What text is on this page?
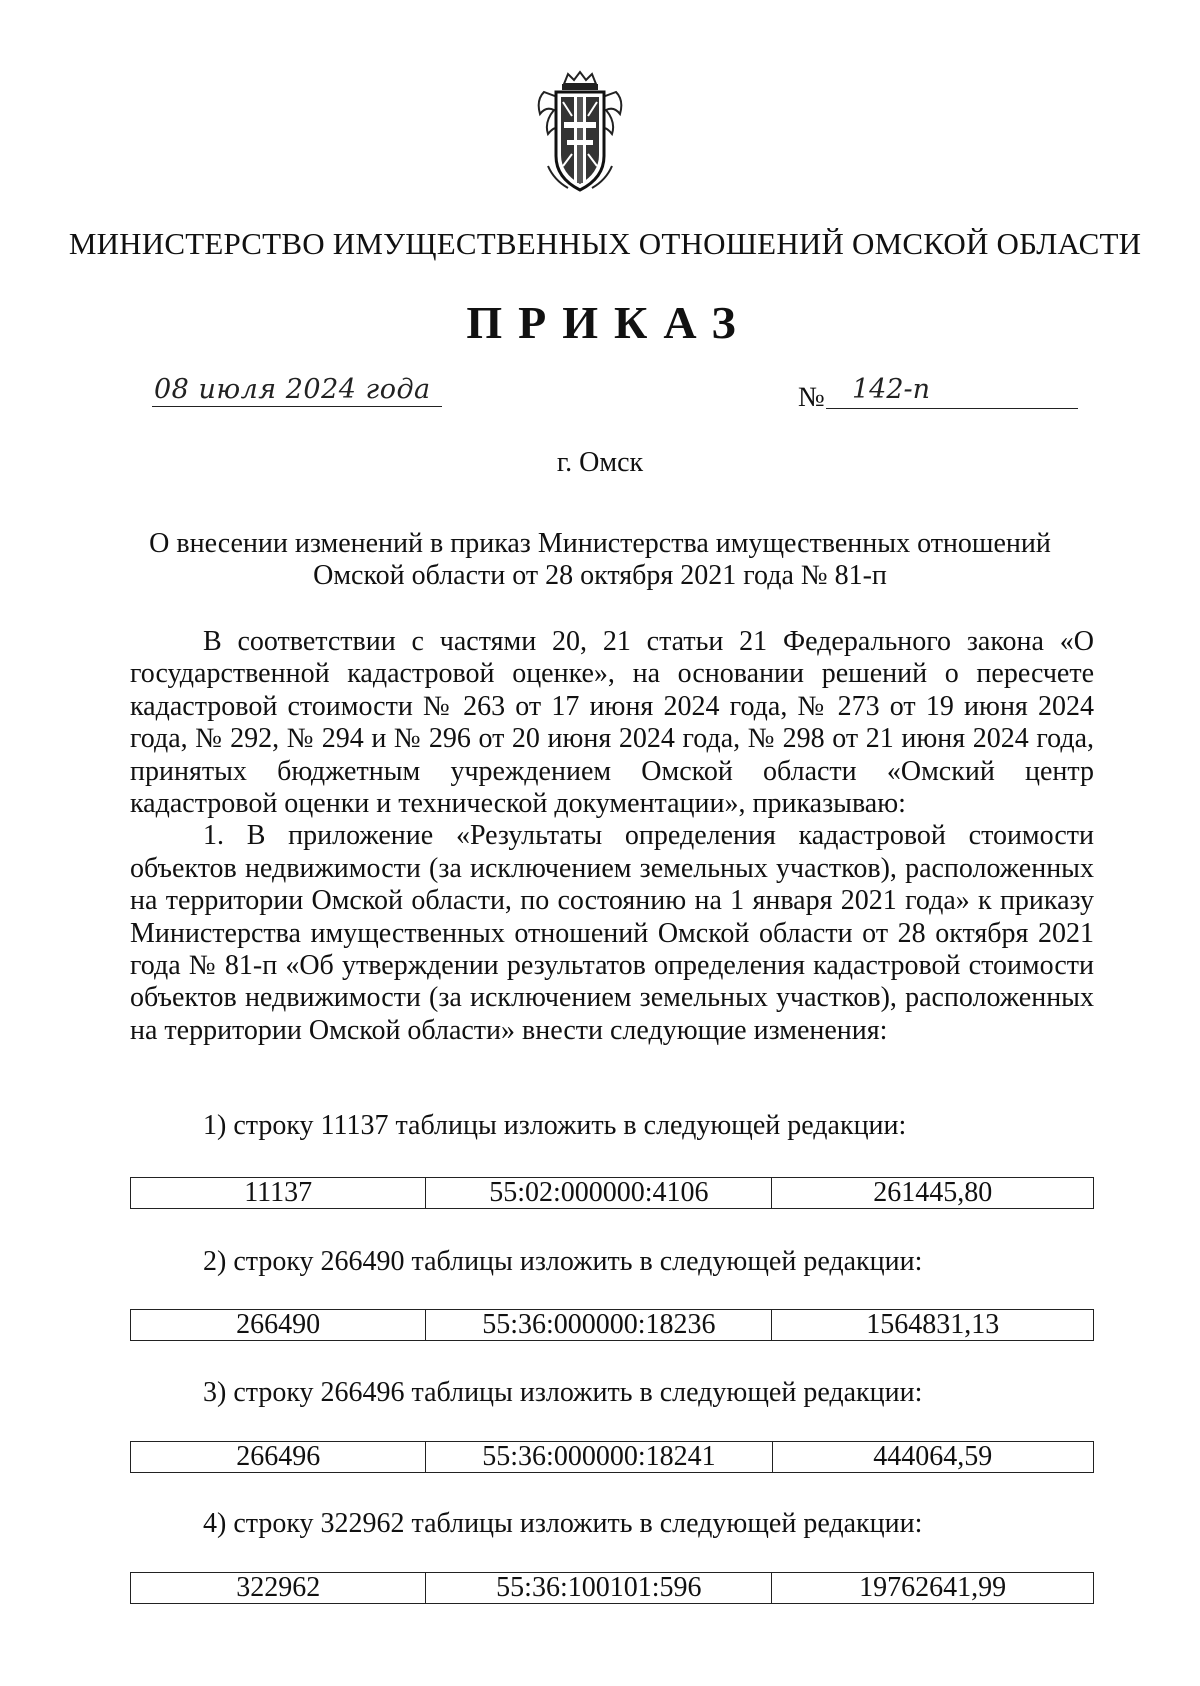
МИНИСТЕРСТВО ИМУЩЕСТВЕННЫХ ОТНОШЕНИЙ ОМСКОЙ ОБЛАСТИ
ПРИКАЗ
08 июля 2024 года	№ 142-п
г. Омск
О внесении изменений в приказ Министерства имущественных отношений
Омской области от 28 октября 2021 года № 81-п

В соответствии с частями 20, 21 статьи 21 Федерального закона «О государственной кадастровой оценке», на основании решений о пересчете кадастровой стоимости № 263 от 17 июня 2024 года, № 273 от 19 июня 2024 года, № 292, № 294 и № 296 от 20 июня 2024 года, № 298 от 21 июня 2024 года, принятых бюджетным учреждением Омской области «Омский центр кадастровой оценки и технической документации», приказываю:

1. В приложение «Результаты определения кадастровой стоимости объектов недвижимости (за исключением земельных участков), расположенных на территории Омской области, по состоянию на 1 января 2021 года» к приказу Министерства имущественных отношений Омской области от 28 октября 2021 года № 81-п «Об утверждении результатов определения кадастровой стоимости объектов недвижимости (за исключением земельных участков), расположенных на территории Омской области» внести следующие изменения:

1) строку 11137 таблицы изложить в следующей редакции:
11137	55:02:000000:4106	261445,80
2) строку 266490 таблицы изложить в следующей редакции:
266490	55:36:000000:18236	1564831,13
3) строку 266496 таблицы изложить в следующей редакции:
266496	55:36:000000:18241	444064,59
4) строку 322962 таблицы изложить в следующей редакции:
322962	55:36:100101:596	19762641,99
